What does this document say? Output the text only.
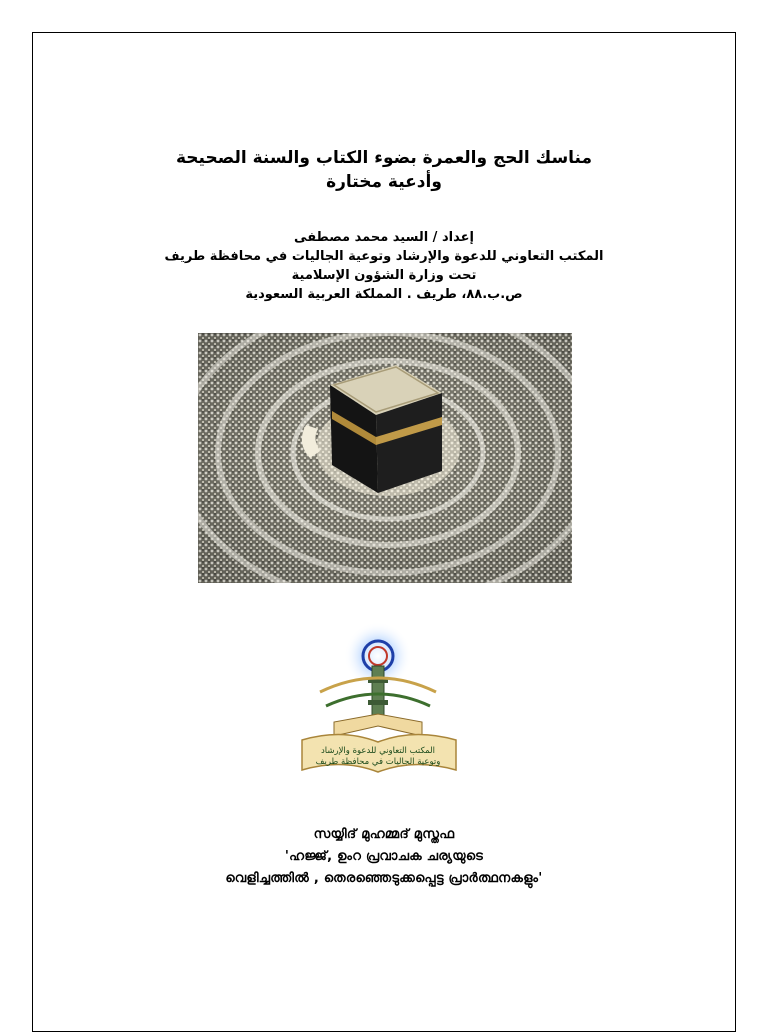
مناسك الحج والعمرة بضوء الكتاب والسنة الصحيحة

وأدعية مختارة

إعداد / السيد محمد مصطفى

المكتب التعاوني للدعوة والإرشاد وتوعية الجاليات في محافظة طريف

تحت وزارة الشؤون الإسلامية

ص.ب.٨٨، طريف . المملكة العربية السعودية

المكتب التعاوني للدعوة والإرشاد
وتوعية الجاليات في محافظة طريف

സയ്യിദ് മുഹമ്മദ് മുസ്തഫ

'ഹജ്ജ്, ഉംറ പ്രവാചക ചര്യയുടെ

വെളിച്ചത്തിൽ , തെരഞ്ഞെടുക്കപ്പെട്ട പ്രാർത്ഥനകളും'
